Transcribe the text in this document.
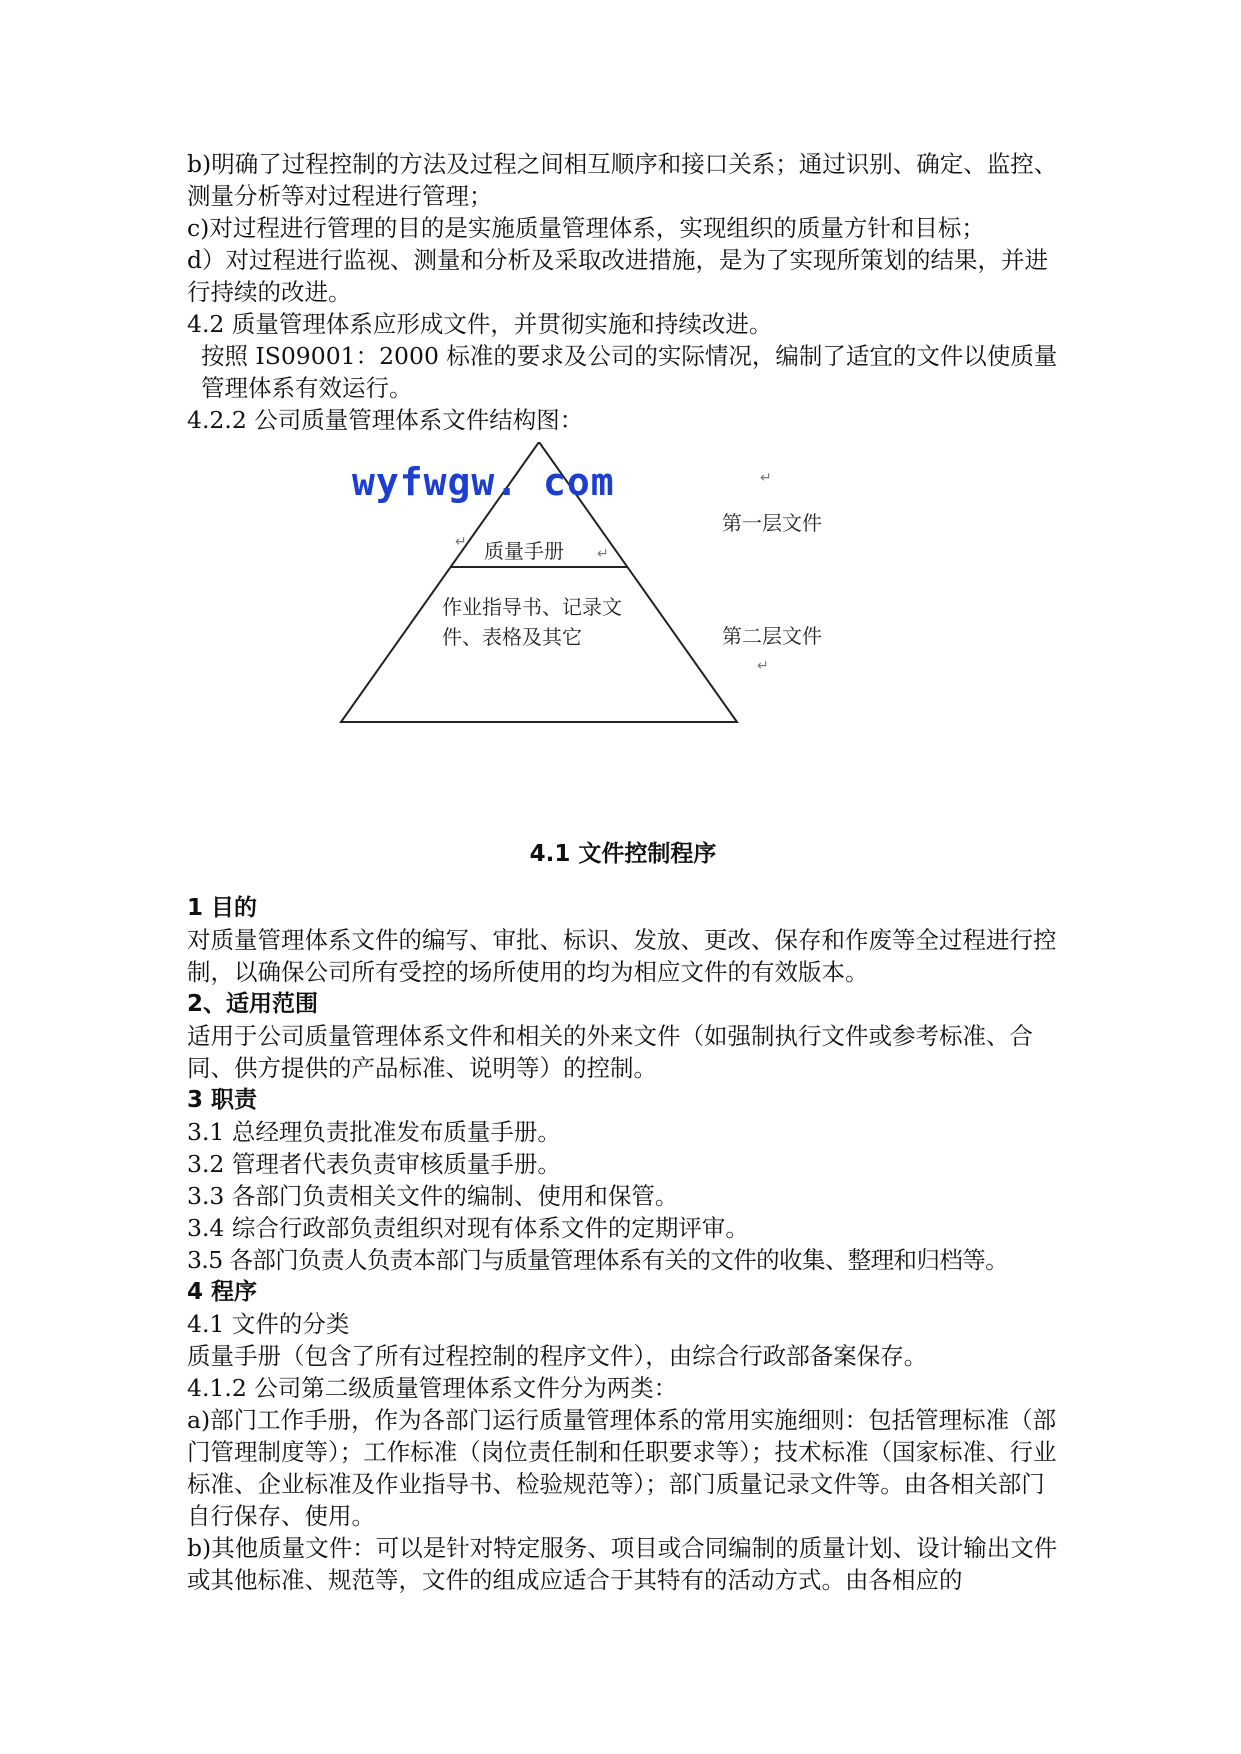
b)明确了过程控制的方法及过程之间相互顺序和接口关系；通过识别、确定、监控、测量分析等对过程进行管理；

c)对过程进行管理的目的是实施质量管理体系，实现组织的质量方针和目标；

d）对过程进行监视、测量和分析及采取改进措施，是为了实现所策划的结果，并进行持续的改进。

4.2 质量管理体系应形成文件，并贯彻实施和持续改进。

按照 IS09001：2000 标准的要求及公司的实际情况，编制了适宜的文件以使质量管理体系有效运行。

4.2.2 公司质量管理体系文件结构图：

wyfwgw. com
质量手册
作业指导书、记录文
件、表格及其它
第一层文件
第二层文件
↵
↵
↵
↵
4.1 文件控制程序

1 目的

对质量管理体系文件的编写、审批、标识、发放、更改、保存和作废等全过程进行控制，以确保公司所有受控的场所使用的均为相应文件的有效版本。

2、适用范围

适用于公司质量管理体系文件和相关的外来文件（如强制执行文件或参考标准、合同、供方提供的产品标准、说明等）的控制。

3 职责

3.1 总经理负责批准发布质量手册。

3.2 管理者代表负责审核质量手册。

3.3 各部门负责相关文件的编制、使用和保管。

3.4 综合行政部负责组织对现有体系文件的定期评审。

3.5 各部门负责人负责本部门与质量管理体系有关的文件的收集、整理和归档等。

4 程序

4.1 文件的分类

质量手册（包含了所有过程控制的程序文件），由综合行政部备案保存。

4.1.2 公司第二级质量管理体系文件分为两类：

a)部门工作手册，作为各部门运行质量管理体系的常用实施细则：包括管理标准（部门管理制度等）；工作标准（岗位责任制和任职要求等）；技术标准（国家标准、行业标准、企业标准及作业指导书、检验规范等）；部门质量记录文件等。由各相关部门自行保存、使用。

b)其他质量文件：可以是针对特定服务、项目或合同编制的质量计划、设计输出文件或其他标准、规范等，文件的组成应适合于其特有的活动方式。由各相应的
